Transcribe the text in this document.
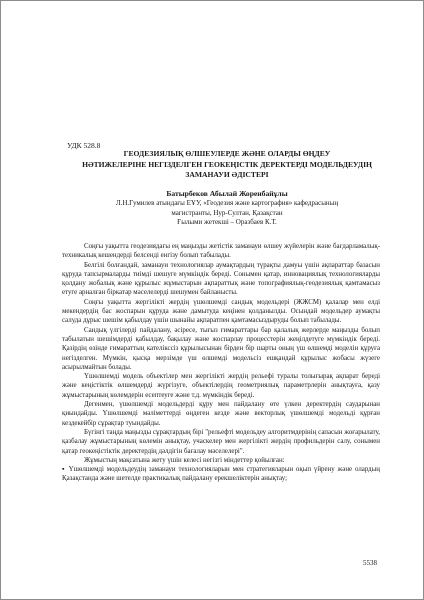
УДК 528.8
ГЕОДЕЗИЯЛЫҚ ӨЛШЕУЛЕРДЕ ЖӘНЕ ОЛАРДЫ ӨҢДЕУ
НӘТИЖЕЛЕРІНЕ НЕГІЗДЕЛГЕН ГЕОКЕҢІСТІК ДЕРЕКТЕРДІ МОДЕЛЬДЕУДІҢ
ЗАМАНАУИ ӘДІСТЕРІ
Батырбеков Абылай Жоренбайұлы
Л.Н.Гумилев атындағы ЕҰУ, «Геодезия және картография» кафедрасының
магистранты, Нур-Султан, Қазақстан
Ғылыми жетекші – Оразбаев К.Т.

Соңғы уақытта геодезиядағы ең маңызды жетістік заманауи өлшеу жүйелерін және бағдарламалық-техникалық кешендерді белсенді енгізу болып табылады.

Белгілі болғандай, заманауи технологиялар аумақтардың түрақты дамуы үшін ақпараттар базасын құруда тапсырмаларды тиімді шешуге мүмкіндік береді. Сонымен қатар, инновациялық технологияларды қолдану жобалық және құрылыс жұмыстарын ақпараттық және топографиялық-геодезиялық қамтамасыз етуге арналған біркатар мәселелерді шешумен байланысты.

Соңғы уақытта жергілікті жердің үшөлшемді сандық модельдері (ЖЖСМ) қалалар мен елді мекендердің бас жоспарын құруда және дамытуда кеңінен қолданылды. Осындай модельдер аумақты салуда дұрыс шешім қабылдау үшін шынайы ақпаратпен қамтамасыздыруды болып табылады.

Сандық үлгілерді пайдалану, әсіресе, тығыз ғимараттары бар қалалық жерлерде маңызды болып табылатын шешімдерді қабылдау, бақылау және жоспарлау процесстерін жеңілдетуге мүмкіндік береді. Қазірдің өзінде ғимараттың кателікссіз құрылысынан бірден бір шарты оның үш өлшемді моделін құруға негізделген. Мүмкін, қысқа мерзімде үш өлшемді модельсіз ешқандай құрылыс жобасы жүзеге асырылмайтын болады.

Үшөлшемді модель объектілер мен жергілікті жердің рельефі туралы толығырақ ақпарат береді және кеңістіктік өлшемдерді жүргізуге, объектілердің геометриялық параметрлерін анықтауға, қазу жұмыстарының көлемдерін есептеуге және т.д. мүмкіндік береді.

Дегенмен, үшөлшемді модельдерді құру мен пайдалану өте үлкен деректердің саударынан қиындайды. Үшөлшемді мәліметтерді өңдеген кезде және векторлық үшөлшемді модельді құрған кездекейбір сұрақтар туындайды.

Бүгінгі таңда маңызды сұрақтардың бірі "рельефті модельдеу алгоритмдерінің сапасын жоғарылату, қазбалау жұмыстарының көлемін анықтау, учаскелер мен жергілікті жердің профильдерін салу, сонымен қатар геокеңістіктік деректердің дәлдігін бағалау мәселелері".

Жұмыстың мақсатына жету үшін келесі негізгі міндеттер қойылған:

▪ Үшөлшемді модельдеудің заманауи технологияларын мен стратегияларын оқып үйрену және олардың Қазақстанда және шетелде практикалық пайдалану ерекшеліктерін анықтау;

5538
